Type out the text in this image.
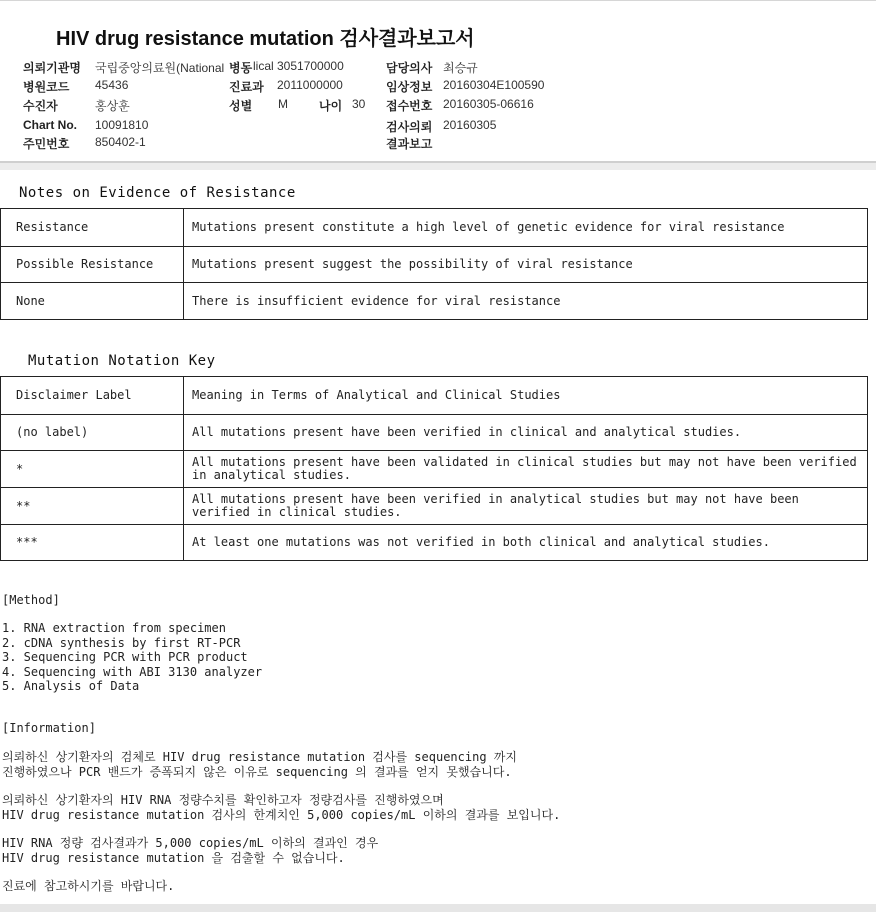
HIV drug resistance mutation 검사결과보고서
의뢰기관명 국립중앙의료원(National 병동 lical 3051700000	담당의사 최승규
병원코드 45436	진료과 2011000000	임상정보 20160304E100590
수진자	홍상훈	성별 M	나이 30 접수번호 20160305-06616
Chart No. 10091810	검사의뢰 20160305
주민번호 850402-1	결과보고
Notes on Evidence of Resistance
Resistance	Mutations present constitute a high level of genetic evidence for viral resistance
Possible Resistance	Mutations present suggest the possibility of viral resistance
None	There is insufficient evidence for viral resistance
Mutation Notation Key
Disclaimer Label	Meaning in Terms of Analytical and Clinical Studies
(no label)	All mutations present have been verified in clinical and analytical studies.
*	All mutations present have been validated in clinical studies but may not have been verified in analytical studies.
**	All mutations present have been verified in analytical studies but may not have been verified in clinical studies.
***	At least one mutations was not verified in both clinical and analytical studies.
[Method]
1. RNA extraction from specimen
2. cDNA synthesis by first RT-PCR
3. Sequencing PCR with PCR product
4. Sequencing with ABI 3130 analyzer
5. Analysis of Data
[Information]
의뢰하신 상기환자의 검체로 HIV drug resistance mutation 검사를 sequencing 까지
진행하였으나 PCR 밴드가 증폭되지 않은 이유로 sequencing 의 결과를 얻지 못했습니다.
의뢰하신 상기환자의 HIV RNA 정량수치를 확인하고자 정량검사를 진행하였으며
HIV drug resistance mutation 검사의 한계치인 5,000 copies/mL 이하의 결과를 보입니다.
HIV RNA 정량 검사결과가 5,000 copies/mL 이하의 결과인 경우
HIV drug resistance mutation 을 검출할 수 없습니다.
진료에 참고하시기를 바랍니다.
